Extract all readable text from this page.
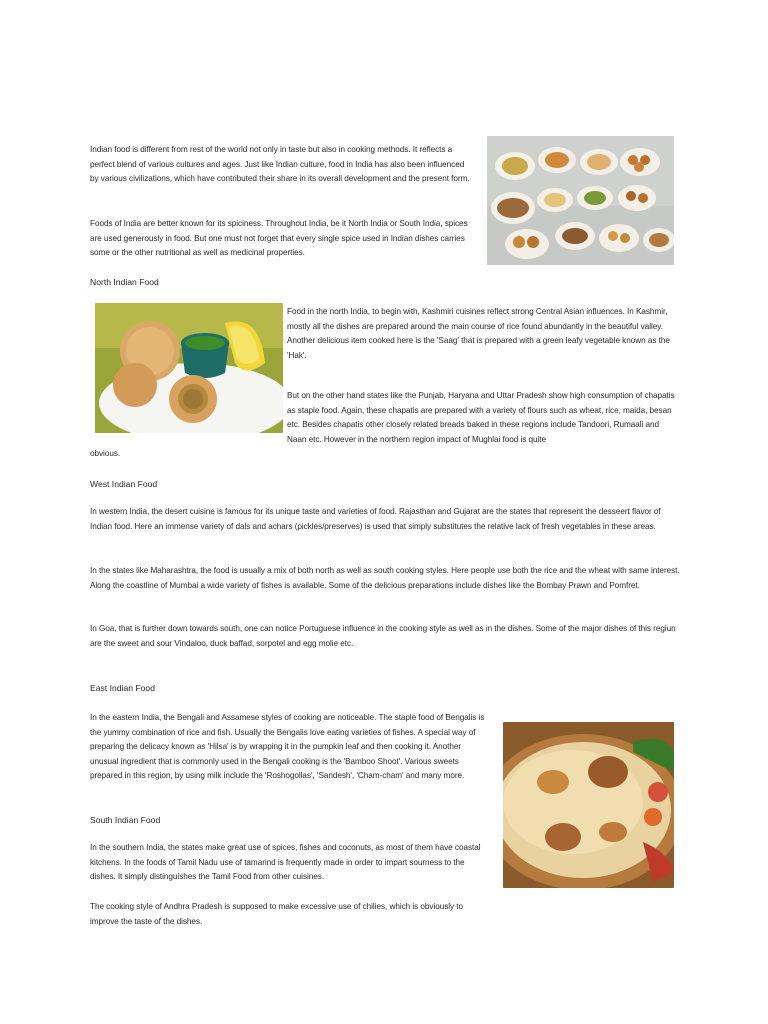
Indian food is different from rest of the world not only in taste but also in cooking methods. It reflects a perfect blend of various cultures and ages. Just like Indian culture, food in India has also been influenced by various civilizations, which have contributed their share in its overall development and the present form.

Foods of India are better known for its spiciness. Throughout India, be it North India or South India, spices are used generously in food. But one must not forget that every single spice used in Indian dishes carries some or the other nutritional as well as medicinal properties.

North Indian Food

Food in the north India, to begin with, Kashmiri cuisines reflect strong Central Asian influences. In Kashmir, mostly all the dishes are prepared around the main course of rice found abundantly in the beautiful valley. Another delicious item cooked here is the 'Saag' that is prepared with a green leafy vegetable known as the 'Hak'.

But on the other hand states like the Punjab, Haryana and Uttar Pradesh show high consumption of chapatis as staple food. Again, these chapatis are prepared with a variety of flours such as wheat, rice, maida, besan etc. Besides chapatis other closely related breads baked in these regions include Tandoori, Rumaali and Naan etc. However in the northern region impact of Mughlai food is quite

obvious.

West Indian Food

In western India, the desert cuisine is famous for its unique taste and varieties of food. Rajasthan and Gujarat are the states that represent the desseert flavor of Indian food. Here an immense variety of dals and achars (pickles/preserves) is used that simply substitutes the relative lack of fresh vegetables in these areas.

In the states like Maharashtra, the food is usually a mix of both north as well as south cooking styles. Here people use both the rice and the wheat with same interest. Along the coastline of Mumbai a wide variety of fishes is available. Some of the delicious preparations include dishes like the Bombay Prawn and Pomfret.

In Goa, that is further down towards south, one can notice Portuguese influence in the cooking style as well as in the dishes. Some of the major dishes of this regiun are the sweet and sour Vindaloo, duck baffad, sorpotel and egg molie etc.

East Indian Food

In the eastern India, the Bengali and Assamese styles of cooking are noticeable. The staple food of Bengalis is the yummy combination of rice and fish. Usually the Bengalis love eating varieties of fishes. A special way of preparing the delicacy known as 'Hilsa' is by wrapping it in the pumpkin leaf and then cooking it. Another unusual ingredient that is commonly used in the Bengali cooking is the 'Bamboo Shoot'. Various sweets prepared in this region, by using milk include the 'Roshogollas', 'Sandesh', 'Cham-cham' and many more.

South Indian Food

In the southern India, the states make great use of spices, fishes and coconuts, as most of them have coastal kitchens. In the foods of Tamil Nadu use of tamarind is frequently made in order to impart sourness to the dishes. It simply distinguishes the Tamil Food from other cuisines.

The cooking style of Andhra Pradesh is supposed to make excessive use of chilies, which is obviously to improve the taste of the dishes.
